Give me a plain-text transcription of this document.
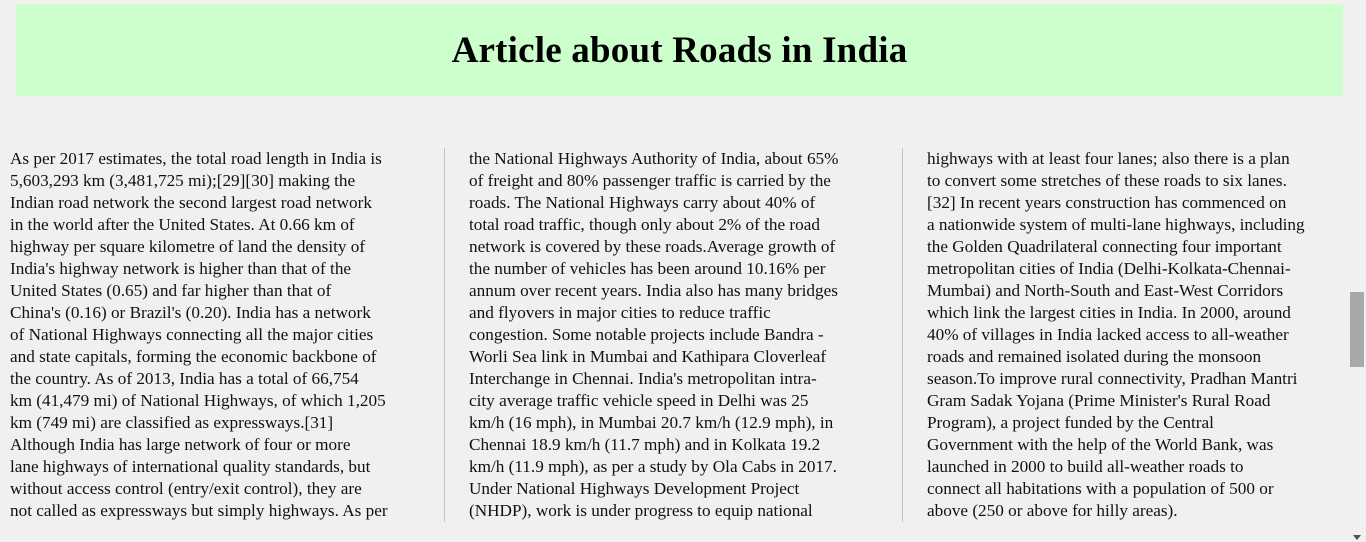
Article about Roads in India

As per 2017 estimates, the total road length in India is
5,603,293 km (3,481,725 mi);[29][30] making the
Indian road network the second largest road network
in the world after the United States. At 0.66 km of
highway per square kilometre of land the density of
India's highway network is higher than that of the
United States (0.65) and far higher than that of
China's (0.16) or Brazil's (0.20). India has a network
of National Highways connecting all the major cities
and state capitals, forming the economic backbone of
the country. As of 2013, India has a total of 66,754
km (41,479 mi) of National Highways, of which 1,205
km (749 mi) are classified as expressways.[31]
Although India has large network of four or more
lane highways of international quality standards, but
without access control (entry/exit control), they are
not called as expressways but simply highways. As per

the National Highways Authority of India, about 65%
of freight and 80% passenger traffic is carried by the
roads. The National Highways carry about 40% of
total road traffic, though only about 2% of the road
network is covered by these roads.Average growth of
the number of vehicles has been around 10.16% per
annum over recent years. India also has many bridges
and flyovers in major cities to reduce traffic
congestion. Some notable projects include Bandra -
Worli Sea link in Mumbai and Kathipara Cloverleaf
Interchange in Chennai. India's metropolitan intra-
city average traffic vehicle speed in Delhi was 25
km/h (16 mph), in Mumbai 20.7 km/h (12.9 mph), in
Chennai 18.9 km/h (11.7 mph) and in Kolkata 19.2
km/h (11.9 mph), as per a study by Ola Cabs in 2017.
Under National Highways Development Project
(NHDP), work is under progress to equip national

highways with at least four lanes; also there is a plan
to convert some stretches of these roads to six lanes.
[32] In recent years construction has commenced on
a nationwide system of multi-lane highways, including
the Golden Quadrilateral connecting four important
metropolitan cities of India (Delhi-Kolkata-Chennai-
Mumbai) and North-South and East-West Corridors
which link the largest cities in India. In 2000, around
40% of villages in India lacked access to all-weather
roads and remained isolated during the monsoon
season.To improve rural connectivity, Pradhan Mantri
Gram Sadak Yojana (Prime Minister's Rural Road
Program), a project funded by the Central
Government with the help of the World Bank, was
launched in 2000 to build all-weather roads to
connect all habitations with a population of 500 or
above (250 or above for hilly areas).
